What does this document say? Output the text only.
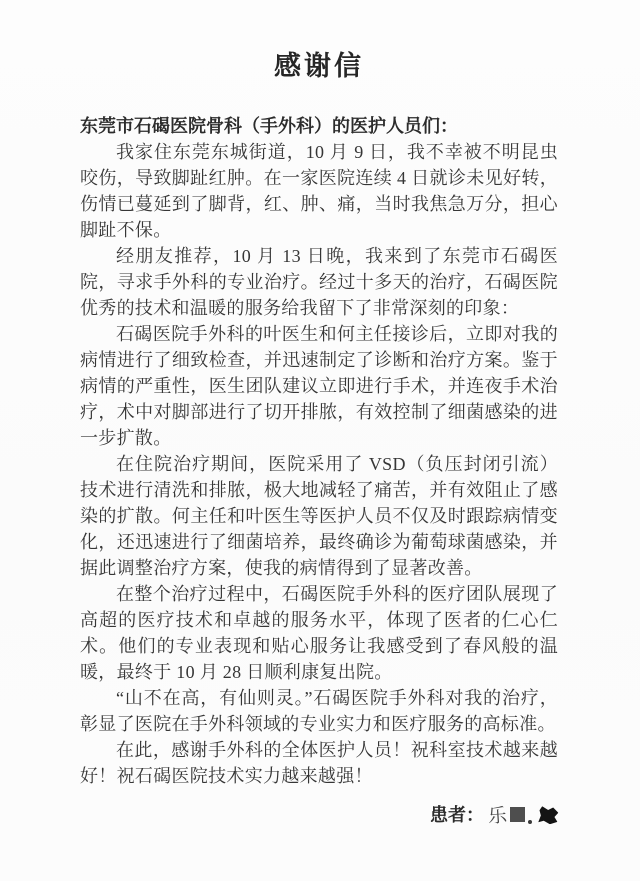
感谢信

东莞市石碣医院骨科（手外科）的医护人员们：

我家住东莞东城街道，10 月 9 日，我不幸被不明昆虫咬伤，导致脚趾红肿。在一家医院连续 4 日就诊未见好转，伤情已蔓延到了脚背，红、肿、痛，当时我焦急万分，担心脚趾不保。

经朋友推荐，10 月 13 日晚，我来到了东莞市石碣医院，寻求手外科的专业治疗。经过十多天的治疗，石碣医院优秀的技术和温暖的服务给我留下了非常深刻的印象：

石碣医院手外科的叶医生和何主任接诊后，立即对我的病情进行了细致检查，并迅速制定了诊断和治疗方案。鉴于病情的严重性，医生团队建议立即进行手术，并连夜手术治疗，术中对脚部进行了切开排脓，有效控制了细菌感染的进一步扩散。

在住院治疗期间，医院采用了 VSD（负压封闭引流）技术进行清洗和排脓，极大地减轻了痛苦，并有效阻止了感染的扩散。何主任和叶医生等医护人员不仅及时跟踪病情变化，还迅速进行了细菌培养，最终确诊为葡萄球菌感染，并据此调整治疗方案，使我的病情得到了显著改善。

在整个治疗过程中，石碣医院手外科的医疗团队展现了高超的医疗技术和卓越的服务水平，体现了医者的仁心仁术。他们的专业表现和贴心服务让我感受到了春风般的温暖，最终于 10 月 28 日顺利康复出院。

“山不在高，有仙则灵。”石碣医院手外科对我的治疗，彰显了医院在手外科领域的专业实力和医疗服务的高标准。

在此，感谢手外科的全体医护人员！祝科室技术越来越好！祝石碣医院技术实力越来越强！

患者： 乐
